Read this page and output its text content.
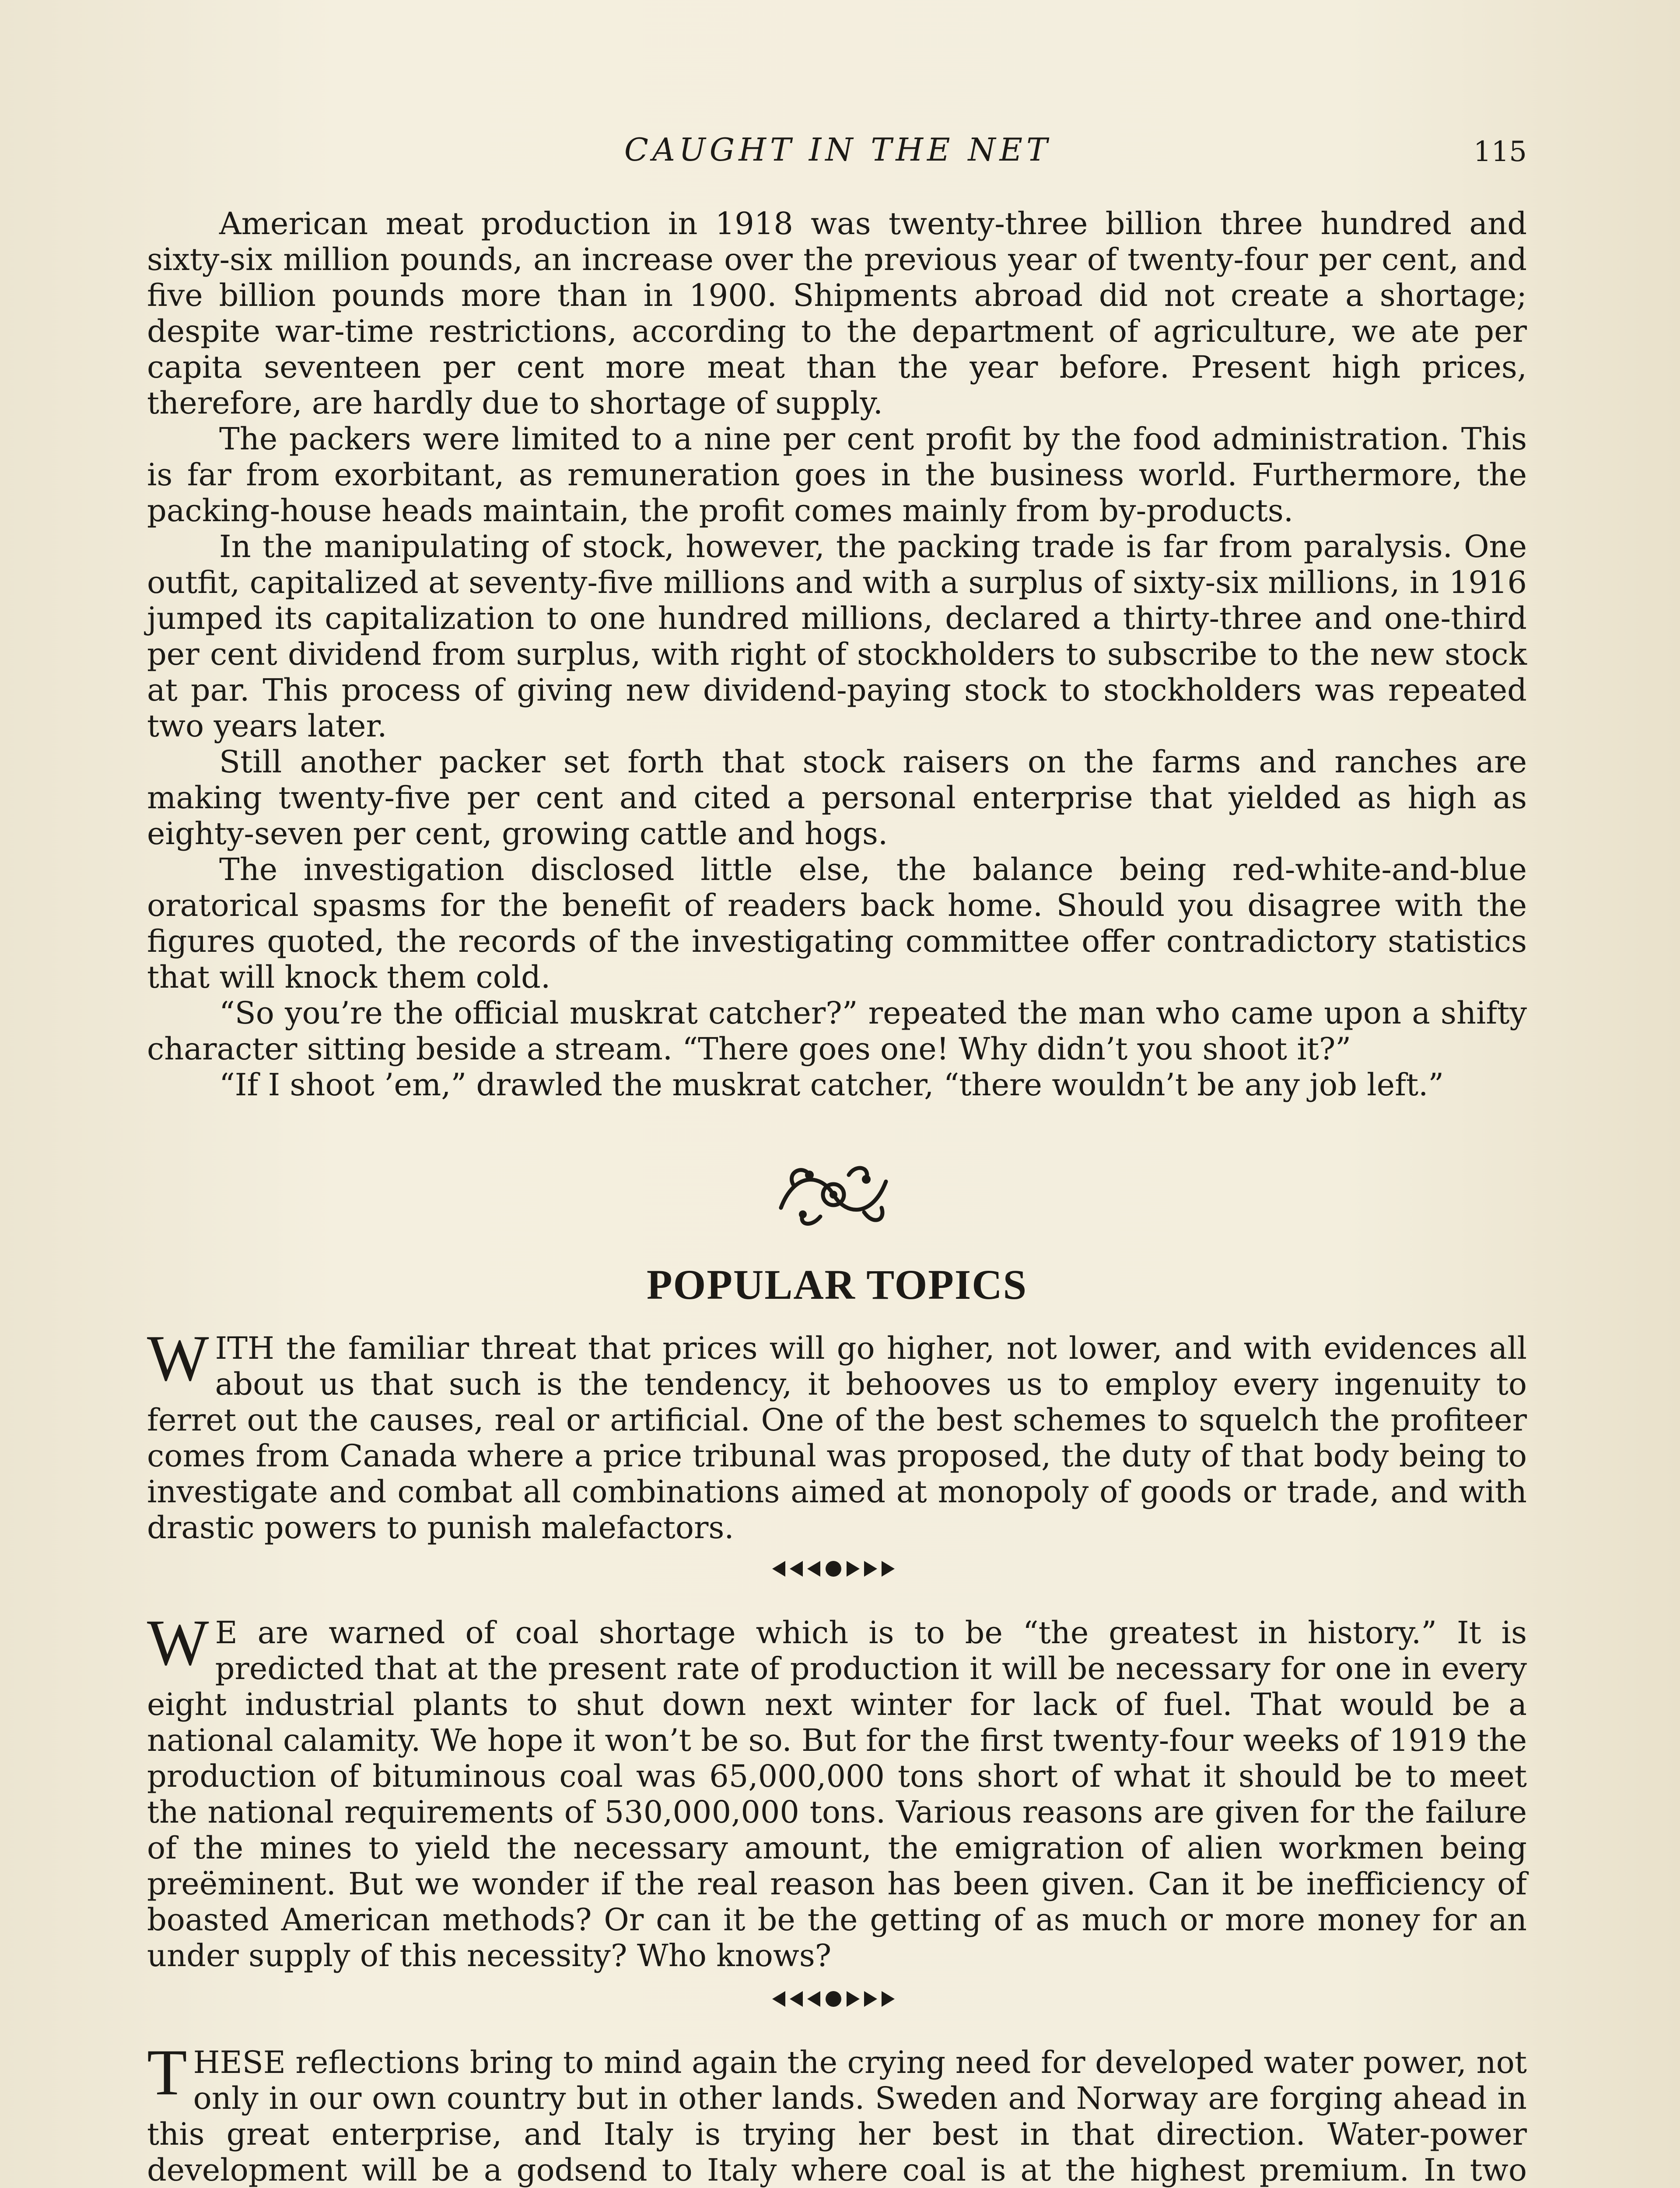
CAUGHT IN THE NET	115

American meat production in 1918 was twenty-three billion three hundred and sixty-six million pounds, an increase over the previous year of twenty-four per cent, and five billion pounds more than in 1900. Shipments abroad did not create a shortage; despite war-time restrictions, according to the department of agriculture, we ate per capita seventeen per cent more meat than the year before. Present high prices, therefore, are hardly due to shortage of supply.

The packers were limited to a nine per cent profit by the food administration. This is far from exorbitant, as remuneration goes in the business world. Furthermore, the packing-house heads maintain, the profit comes mainly from by-products.

In the manipulating of stock, however, the packing trade is far from paralysis. One outfit, capitalized at seventy-five millions and with a surplus of sixty-six millions, in 1916 jumped its capitalization to one hundred millions, declared a thirty-three and one-third per cent dividend from surplus, with right of stockholders to subscribe to the new stock at par. This process of giving new dividend-paying stock to stockholders was repeated two years later.

Still another packer set forth that stock raisers on the farms and ranches are making twenty-five per cent and cited a personal enterprise that yielded as high as eighty-seven per cent, growing cattle and hogs.

The investigation disclosed little else, the balance being red-white-and-blue oratorical spasms for the benefit of readers back home. Should you disagree with the figures quoted, the records of the investigating committee offer contradictory statistics that will knock them cold.

“So you’re the official muskrat catcher?” repeated the man who came upon a shifty character sitting beside a stream. “There goes one! Why didn’t you shoot it?”

“If I shoot ’em,” drawled the muskrat catcher, “there wouldn’t be any job left.”

POPULAR TOPICS

WITH the familiar threat that prices will go higher, not lower, and with evidences all about us that such is the tendency, it behooves us to employ every ingenuity to ferret out the causes, real or artificial. One of the best schemes to squelch the profiteer comes from Canada where a price tribunal was proposed, the duty of that body being to investigate and combat all combinations aimed at monopoly of goods or trade, and with drastic powers to punish malefactors.

W E are warned of coal shortage which is to be “the greatest in history.” It is predicted that at the present rate of production it will be necessary for one in every eight industrial plants to shut down next winter for lack of fuel. That would be a national calamity. We hope it won’t be so. But for the first twenty-four weeks of 1919 the production of bituminous coal was 65,000,000 tons short of what it should be to meet the national requirements of 530,000,000 tons. Various reasons are given for the failure of the mines to yield the necessary amount, the emigration of alien workmen being preëminent. But we wonder if the real reason has been given. Can it be inefficiency of boasted American methods? Or can it be the getting of as much or more money for an under supply of this necessity? Who knows?

THESE reflections bring to mind again the crying need for developed water power, not only in our own country but in other lands. Sweden and Norway are forging ahead in this great enterprise, and Italy is trying her best in that direction. Water-power development will be a godsend to Italy where coal is at the highest premium. In two
